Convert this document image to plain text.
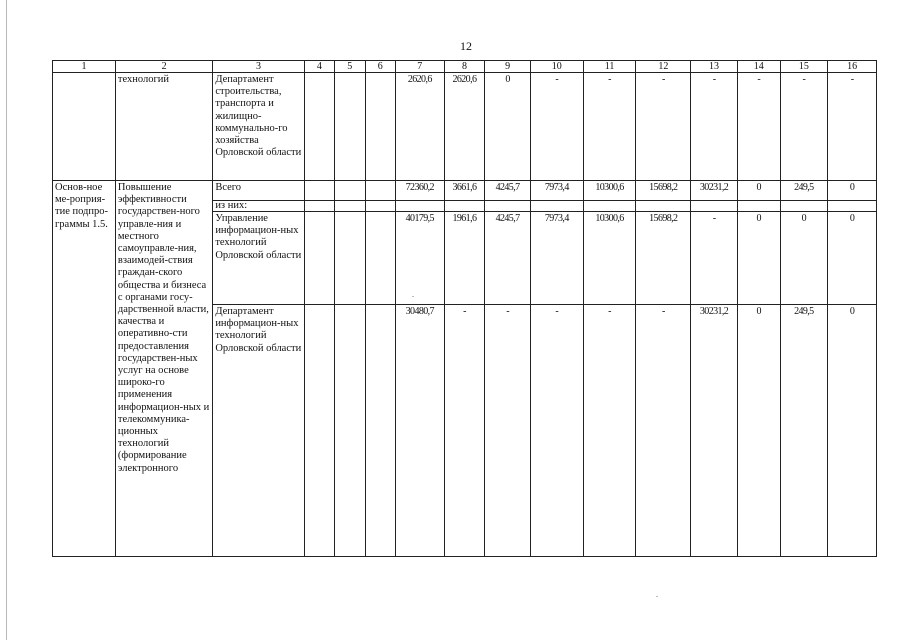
12
1	2	3	4	5	6	7	8	9	10	11	12	13	14	15	16
	технологий	Департамент строительства, транспорта и жилищно-коммунально-го хозяйства Орловской области				2620,6	2620,6	0	-	-	-	-	-	-	-
Основ-ное ме-роприя-тие подпро-граммы 1.5.	Повышение эффективности государствен-ного управле-ния и местного самоуправле-ния, взаимодей-ствия граждан-ского общества и бизнеса с органами госу-дарственной власти, качества и оперативно-сти предоставления государствен-ных услуг на основе широко-го применения информацион-ных и телекоммуника-ционных технологий (формирование электронного	Всего				72360,2	3661,6	4245,7	7973,4	10300,6	15698,2	30231,2	0	249,5	0
		из них:													
		Управление информацион-ных технологий Орловской области				40179,5	1961,6	4245,7	7973,4	10300,6	15698,2	-	0	0	0
		Департамент информацион-ных технологий Орловской области				30480,7	-	-	-	-	-	30231,2	0	249,5	0
